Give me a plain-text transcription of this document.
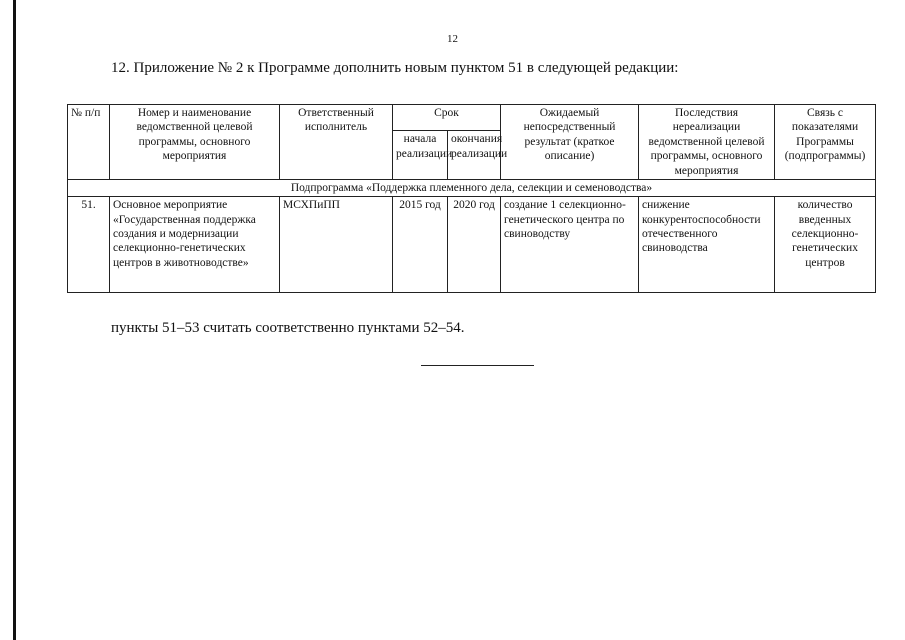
12
12. Приложение № 2 к Программе дополнить новым пунктом 51 в следующей редакции:
№ п/п	Номер и наименование ведомственной целевой программы, основного мероприятия	Ответственный исполнитель	Срок		Ожидаемый непосредственный результат (краткое описание)	Последствия нереализации ведомственной целевой программы, основного мероприятия	Связь с показателями Программы (подпрограммы)
			начала реализации	окончания реализации			
Подпрограмма «Поддержка племенного дела, селекции и семеноводства»							
51.	Основное мероприятие «Государственная поддержка создания и модернизации селекционно-генетических центров в животноводстве»	МСХПиПП	2015 год	2020 год	создание 1 селекционно-генетического центра по свиноводству	снижение конкурентоспособности отечественного свиноводства	количество введенных селекционно-генетических центров
пункты 51–53 считать соответственно пунктами 52–54.
